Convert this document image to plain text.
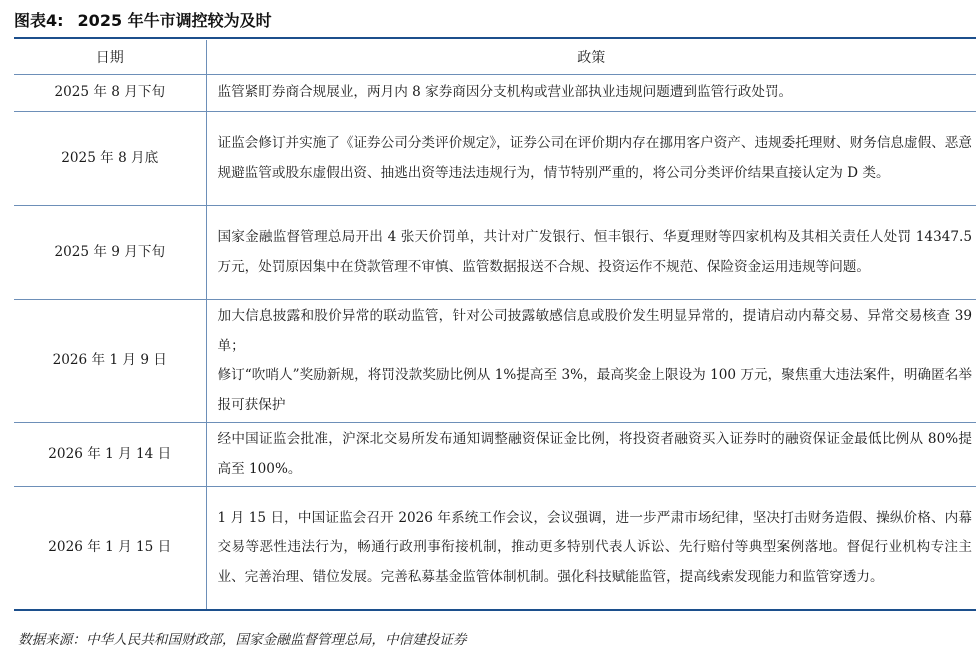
图表4: 2025 年牛市调控较为及时
日期	政策
2025 年 8 月下旬	监管紧盯券商合规展业，两月内 8 家券商因分支机构或营业部执业违规问题遭到监管行政处罚。
2025 年 8 月底	证监会修订并实施了《证券公司分类评价规定》，证券公司在评价期内存在挪用客户资产、违规委托理财、财务信息虚假、恶意规避监管或股东虚假出资、抽逃出资等违法违规行为，情节特别严重的，将公司分类评价结果直接认定为 D 类。
2025 年 9 月下旬	国家金融监督管理总局开出 4 张天价罚单，共计对广发银行、恒丰银行、华夏理财等四家机构及其相关责任人处罚 14347.5 万元，处罚原因集中在贷款管理不审慎、监管数据报送不合规、投资运作不规范、保险资金运用违规等问题。
2026 年 1 月 9 日	加大信息披露和股价异常的联动监管，针对公司披露敏感信息或股价发生明显异常的，提请启动内幕交易、异常交易核查 39 单；
修订“吹哨人”奖励新规，将罚没款奖励比例从 1%提高至 3%，最高奖金上限设为 100 万元，聚焦重大违法案件，明确匿名举报可获保护

2026 年 1 月 14 日	经中国证监会批准，沪深北交易所发布通知调整融资保证金比例，将投资者融资买入证券时的融资保证金最低比例从 80%提高至 100%。
2026 年 1 月 15 日	1 月 15 日，中国证监会召开 2026 年系统工作会议，会议强调，进一步严肃市场纪律，坚决打击财务造假、操纵价格、内幕交易等恶性违法行为，畅通行政刑事衔接机制，推动更多特别代表人诉讼、先行赔付等典型案例落地。督促行业机构专注主业、完善治理、错位发展。完善私募基金监管体制机制。强化科技赋能监管，提高线索发现能力和监管穿透力。
数据来源：中华人民共和国财政部，国家金融监督管理总局，中信建投证券
